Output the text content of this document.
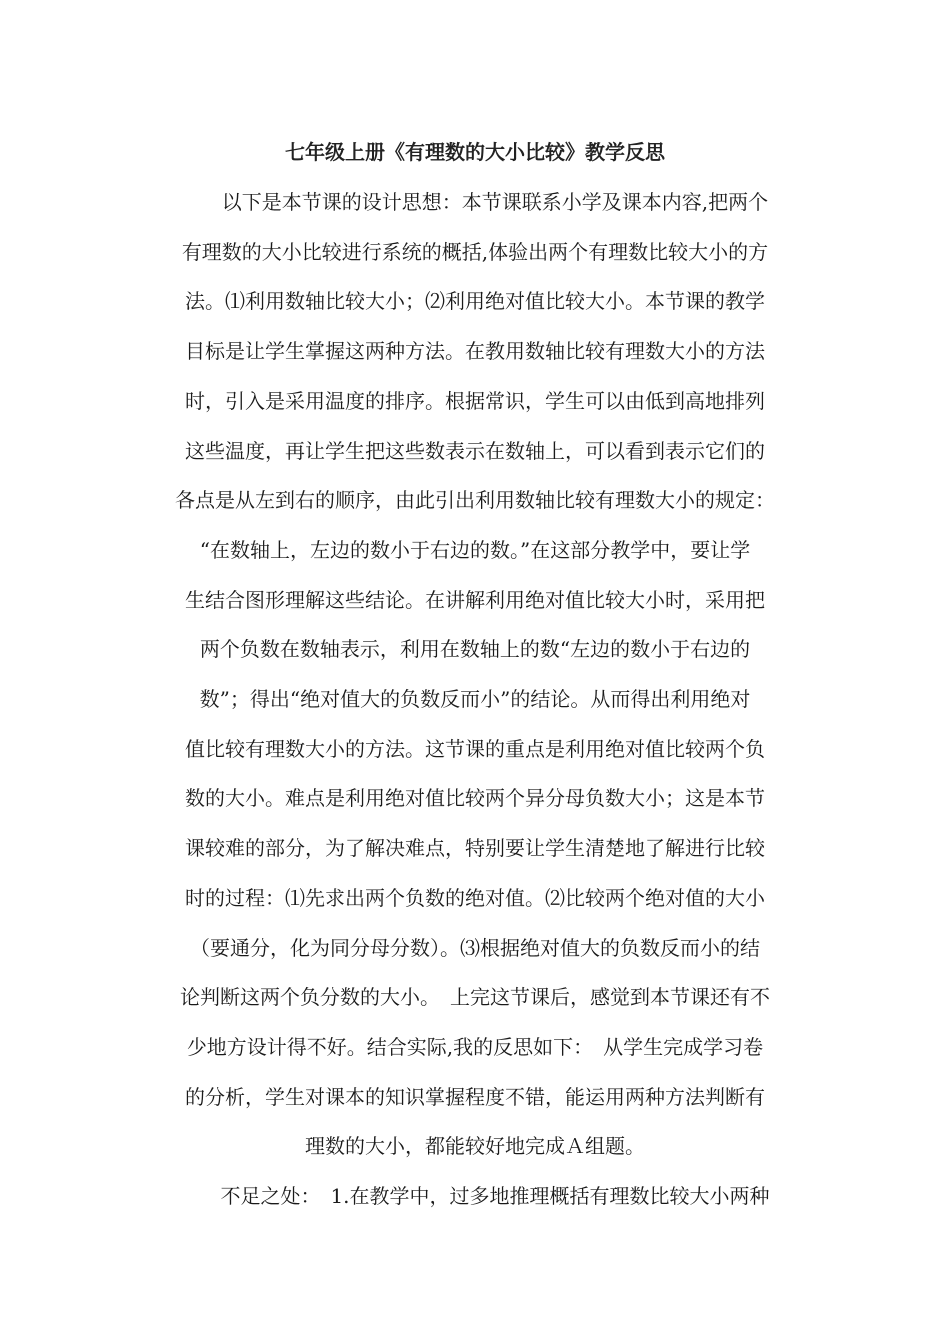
七年级上册《有理数的大小比较》教学反思
　　以下是本节课的设计思想：本节课联系小学及课本内容,把两个
有理数的大小比较进行系统的概括,体验出两个有理数比较大小的方
法。⑴利用数轴比较大小；⑵利用绝对值比较大小。本节课的教学
目标是让学生掌握这两种方法。在教用数轴比较有理数大小的方法
时，引入是采用温度的排序。根据常识，学生可以由低到高地排列
这些温度，再让学生把这些数表示在数轴上，可以看到表示它们的
各点是从左到右的顺序，由此引出利用数轴比较有理数大小的规定：
“在数轴上，左边的数小于右边的数。”在这部分教学中，要让学
生结合图形理解这些结论。在讲解利用绝对值比较大小时，采用把
两个负数在数轴表示，利用在数轴上的数“左边的数小于右边的
数”；得出“绝对值大的负数反而小”的结论。从而得出利用绝对
值比较有理数大小的方法。这节课的重点是利用绝对值比较两个负
数的大小。难点是利用绝对值比较两个异分母负数大小；这是本节
课较难的部分，为了解决难点，特别要让学生清楚地了解进行比较
时的过程：⑴先求出两个负数的绝对值。⑵比较两个绝对值的大小
（要通分，化为同分母分数）。⑶根据绝对值大的负数反而小的结
论判断这两个负分数的大小。　上完这节课后，感觉到本节课还有不
少地方设计得不好。结合实际,我的反思如下：　从学生完成学习卷
的分析，学生对课本的知识掌握程度不错，能运用两种方法判断有
理数的大小，都能较好地完成Ａ组题。
　　不足之处：　1.在教学中，过多地推理概括有理数比较大小两种
